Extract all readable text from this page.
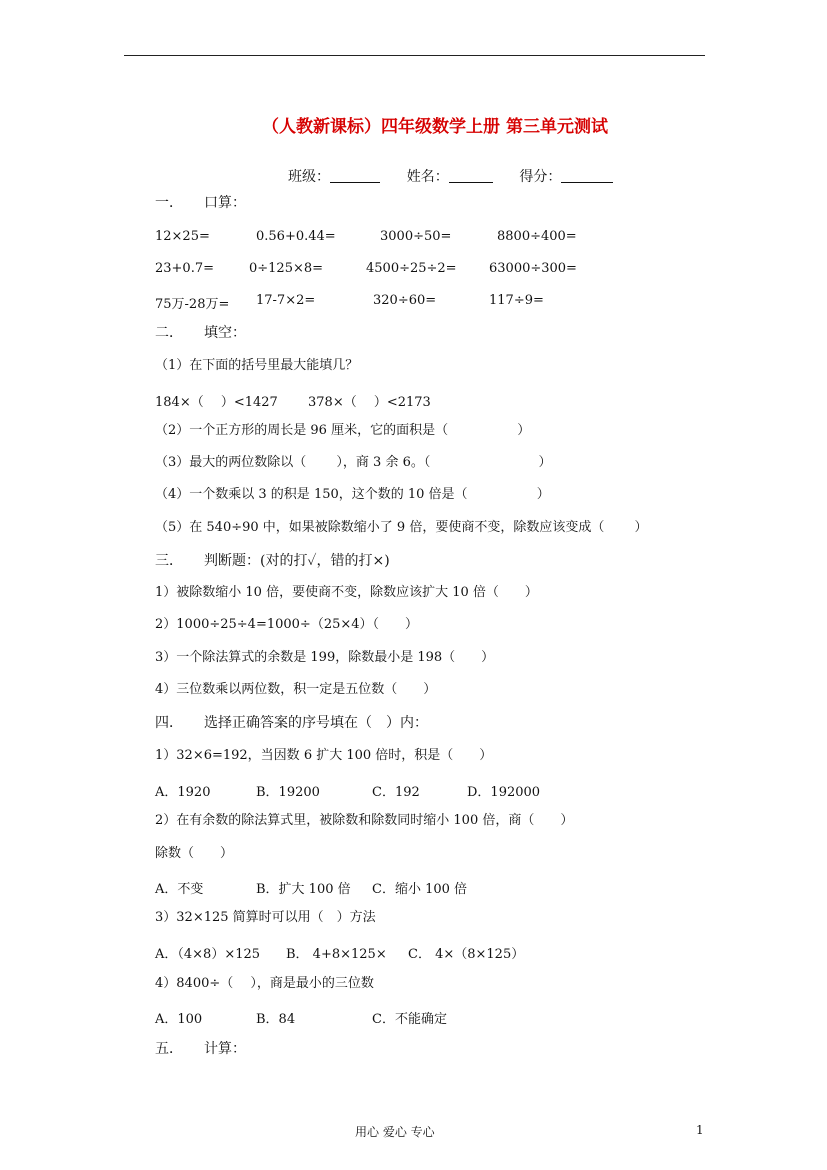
（人教新课标）四年级数学上册 第三单元测试
班级：	姓名：	得分：
一．　　口算：
12×25=	0.56+0.44=	3000÷50=	8800÷400=
23+0.7=	0÷125×8=	4500÷25÷2= 63000÷300=
75万-28万= 17-7×2=	320÷60=	117÷9=
二．　　填空：
（1）在下面的括号里最大能填几？
184×（　 ）<1427 378×（　 ）<2173
（2）一个正方形的周长是 96 厘米，它的面积是（　　　　　 ）
（3）最大的两位数除以（　　 ），商 3 余 6。（　　　　　　　　 ）
（4）一个数乘以 3 的积是 150，这个数的 10 倍是（　　　　　 ）
（5）在 540÷90 中，如果被除数缩小了 9 倍，要使商不变，除数应该变成（　　 ）
三．　　判断题：(对的打✓，错的打×)
1）被除数缩小 10 倍，要使商不变，除数应该扩大 10 倍（　　）
2）1000÷25÷4=1000÷（25×4）（　　）
3）一个除法算式的余数是 199，除数最小是 198（　　）
4）三位数乘以两位数，积一定是五位数（　　）
四．　　选择正确答案的序号填在（　）内：
1）32×6=192，当因数 6 扩大 100 倍时，积是（　　）
A．1920	B．19200	C．192	D．192000
2）在有余数的除法算式里，被除数和除数同时缩小 100 倍，商（　　）
除数（　　）
A．不变	B．扩大 100 倍 C．缩小 100 倍
3）32×125 简算时可以用（　）方法
A．（4×8）×125 B． 4+8×125× C． 4×（8×125）
4）8400÷（　 ），商是最小的三位数
A．100	B．84	C．不能确定
五．　　计算：
用心 爱心 专心	1
